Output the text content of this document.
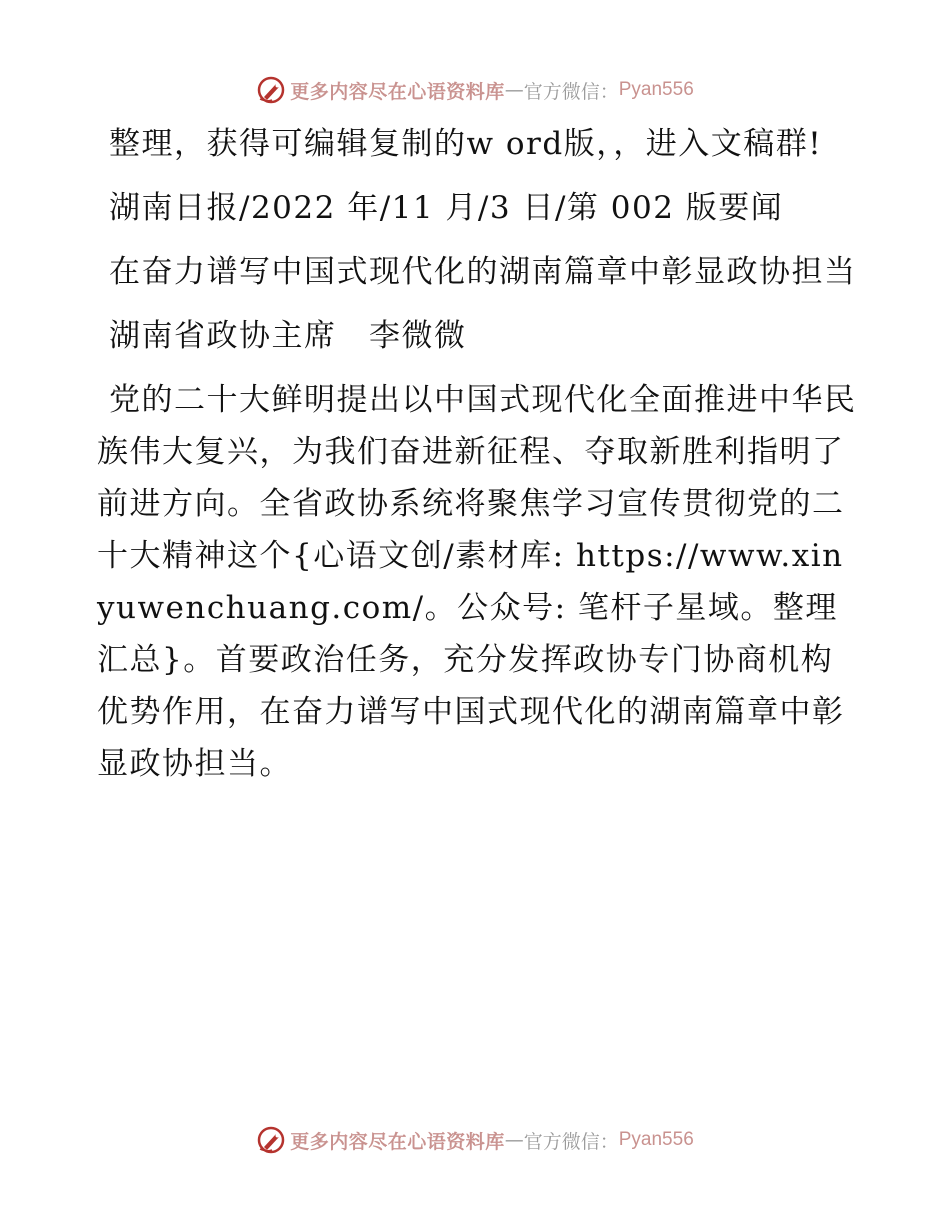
更多内容尽在心语资料库 — 官方微信： Pyan556

整理，获得可编辑复制的w ord版，，进入文稿群!

湖南日报/2022 年/11 月/3 日/第 002 版要闻

在奋力谱写中国式现代化的湖南篇章中彰显政协担当

湖南省政协主席　李微微

党的二十大鲜明提出以中国式现代化全面推进中华民族伟大复兴，为我们奋进新征程、夺取新胜利指明了前进方向。全省政协系统将聚焦学习宣传贯彻党的二十大精神这个{心语文创/素材库: https://www.xinyuwenchuang.com/。公众号: 笔杆子星域。整理汇总}。首要政治任务，充分发挥政协专门协商机构优势作用，在奋力谱写中国式现代化的湖南篇章中彰显政协担当。

更多内容尽在心语资料库 — 官方微信： Pyan556
